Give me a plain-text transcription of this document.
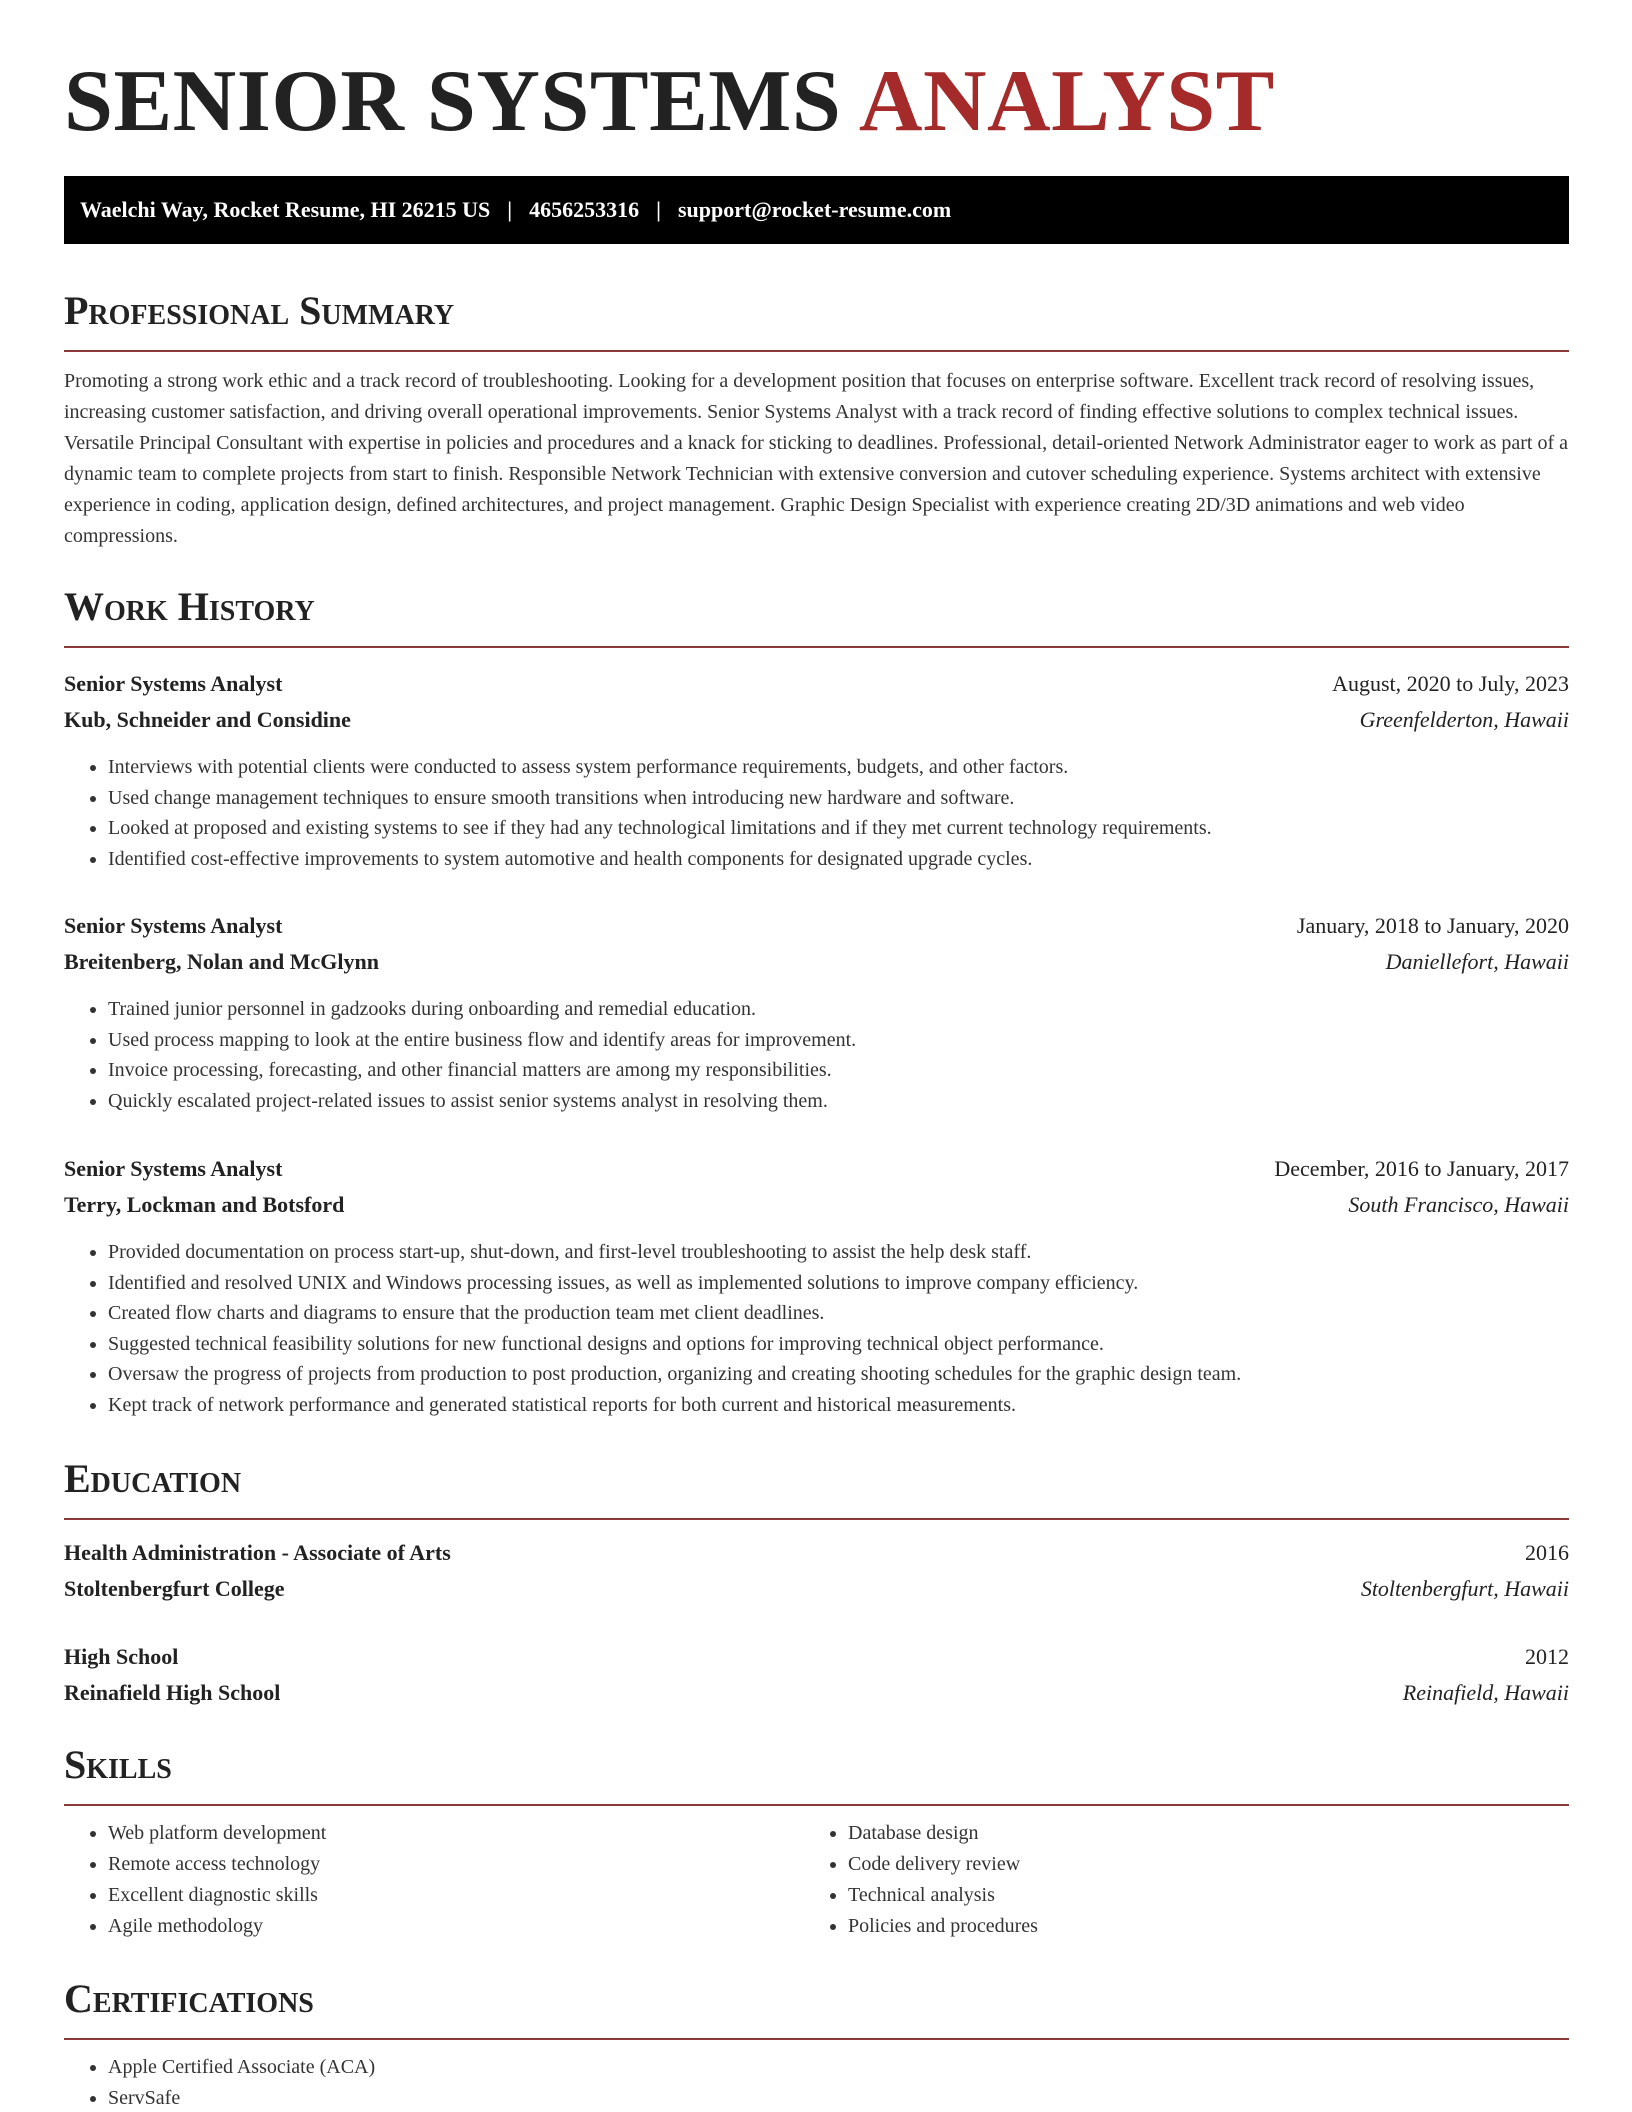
SENIOR SYSTEMS ANALYST
Waelchi Way, Rocket Resume, HI 26215 US | 4656253316 | support@rocket-resume.com
Professional Summary

Promoting a strong work ethic and a track record of troubleshooting. Looking for a development position that focuses on enterprise software. Excellent track record of resolving issues, increasing customer satisfaction, and driving overall operational improvements. Senior Systems Analyst with a track record of finding effective solutions to complex technical issues. Versatile Principal Consultant with expertise in policies and procedures and a knack for sticking to deadlines. Professional, detail-oriented Network Administrator eager to work as part of a dynamic team to complete projects from start to finish. Responsible Network Technician with extensive conversion and cutover scheduling experience. Systems architect with extensive experience in coding, application design, defined architectures, and project management. Graphic Design Specialist with experience creating 2D/3D animations and web video compressions.

Work History
Senior Systems Analyst	August, 2020 to July, 2023
Kub, Schneider and Considine	Greenfelderton, Hawaii
• Interviews with potential clients were conducted to assess system performance requirements, budgets, and other factors.
• Used change management techniques to ensure smooth transitions when introducing new hardware and software.
• Looked at proposed and existing systems to see if they had any technological limitations and if they met current technology requirements.
• Identified cost-effective improvements to system automotive and health components for designated upgrade cycles.
Senior Systems Analyst	January, 2018 to January, 2020
Breitenberg, Nolan and McGlynn	Daniellefort, Hawaii
• Trained junior personnel in gadzooks during onboarding and remedial education.
• Used process mapping to look at the entire business flow and identify areas for improvement.
• Invoice processing, forecasting, and other financial matters are among my responsibilities.
• Quickly escalated project-related issues to assist senior systems analyst in resolving them.
Senior Systems Analyst	December, 2016 to January, 2017
Terry, Lockman and Botsford	South Francisco, Hawaii
• Provided documentation on process start-up, shut-down, and first-level troubleshooting to assist the help desk staff.
• Identified and resolved UNIX and Windows processing issues, as well as implemented solutions to improve company efficiency.
• Created flow charts and diagrams to ensure that the production team met client deadlines.
• Suggested technical feasibility solutions for new functional designs and options for improving technical object performance.
• Oversaw the progress of projects from production to post production, organizing and creating shooting schedules for the graphic design team.
• Kept track of network performance and generated statistical reports for both current and historical measurements.
Education
Health Administration - Associate of Arts	2016
Stoltenbergfurt College	Stoltenbergfurt, Hawaii
High School	2012
Reinafield High School	Reinafield, Hawaii
Skills
• Web platform development
• Remote access technology
• Excellent diagnostic skills
• Agile methodology
• Database design
• Code delivery review
• Technical analysis
• Policies and procedures
Certifications
• Apple Certified Associate (ACA)
• ServSafe
